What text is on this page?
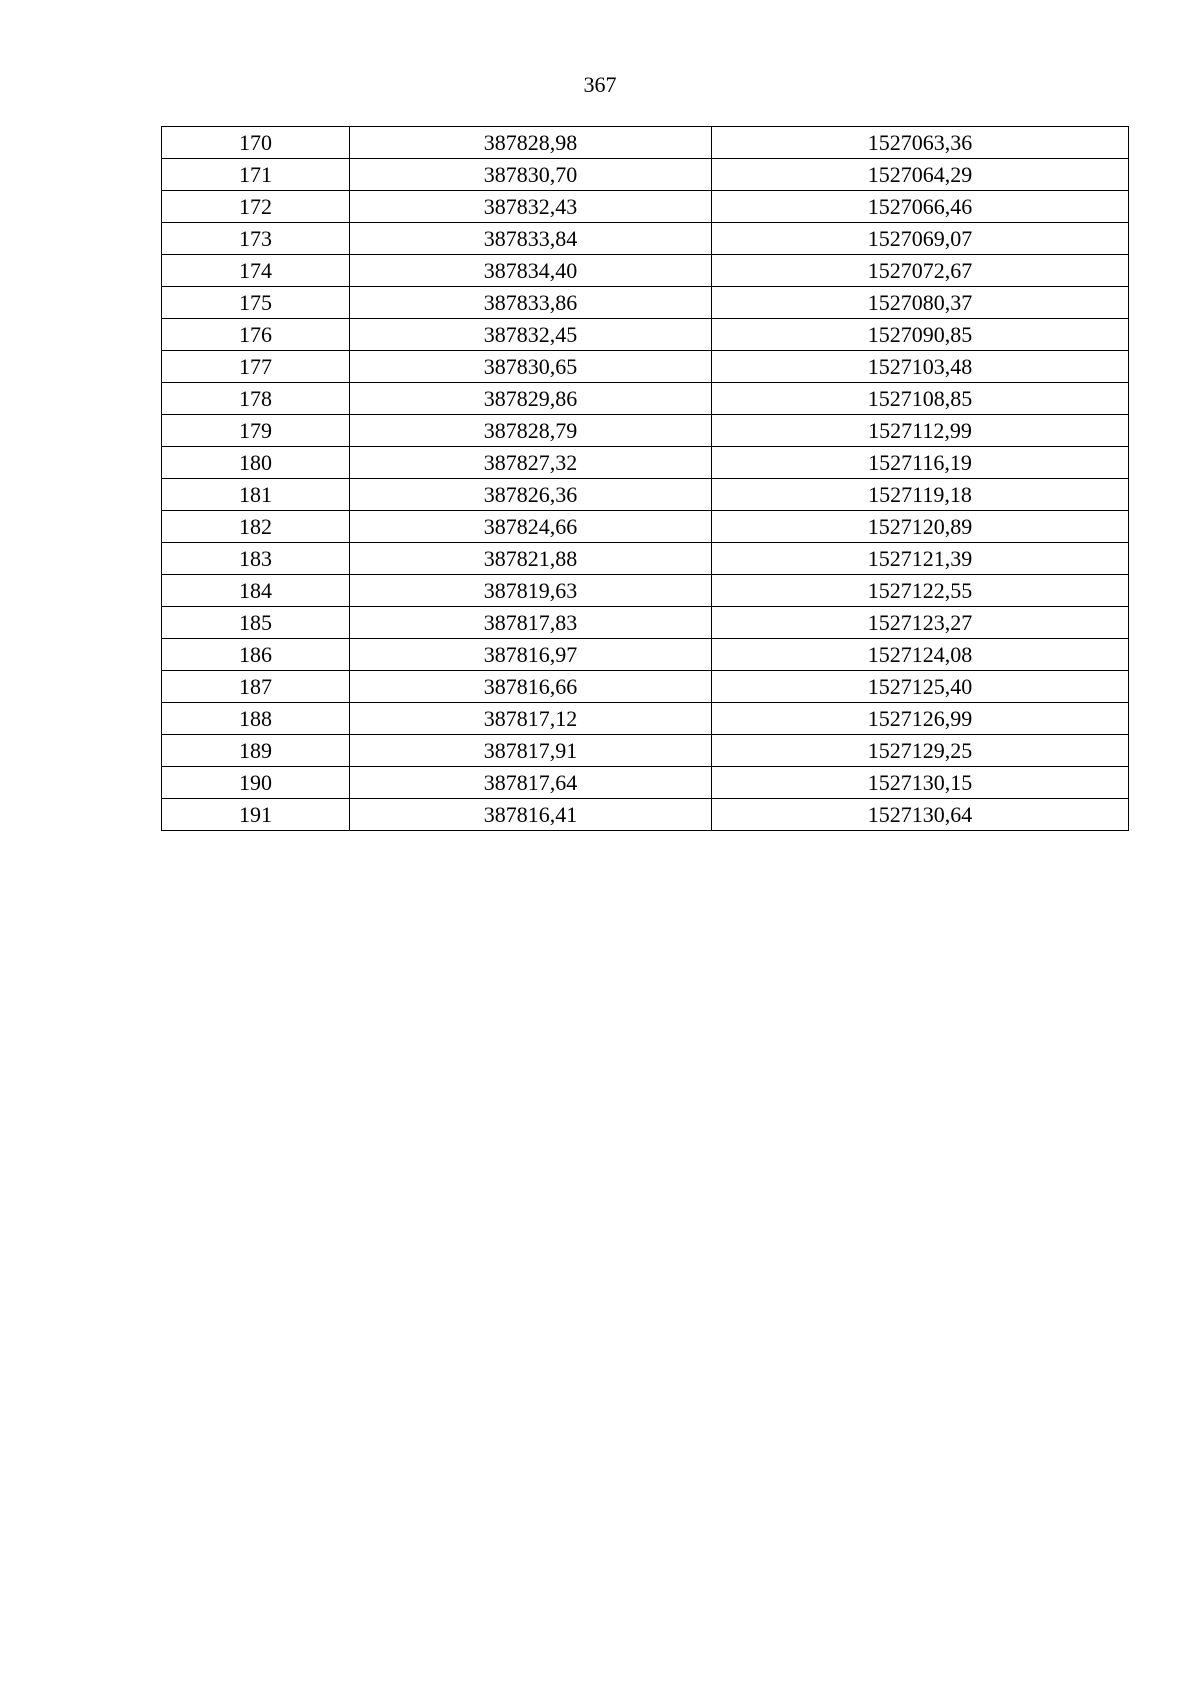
367
170	387828,98	1527063,36
171	387830,70	1527064,29
172	387832,43	1527066,46
173	387833,84	1527069,07
174	387834,40	1527072,67
175	387833,86	1527080,37
176	387832,45	1527090,85
177	387830,65	1527103,48
178	387829,86	1527108,85
179	387828,79	1527112,99
180	387827,32	1527116,19
181	387826,36	1527119,18
182	387824,66	1527120,89
183	387821,88	1527121,39
184	387819,63	1527122,55
185	387817,83	1527123,27
186	387816,97	1527124,08
187	387816,66	1527125,40
188	387817,12	1527126,99
189	387817,91	1527129,25
190	387817,64	1527130,15
191	387816,41	1527130,64
